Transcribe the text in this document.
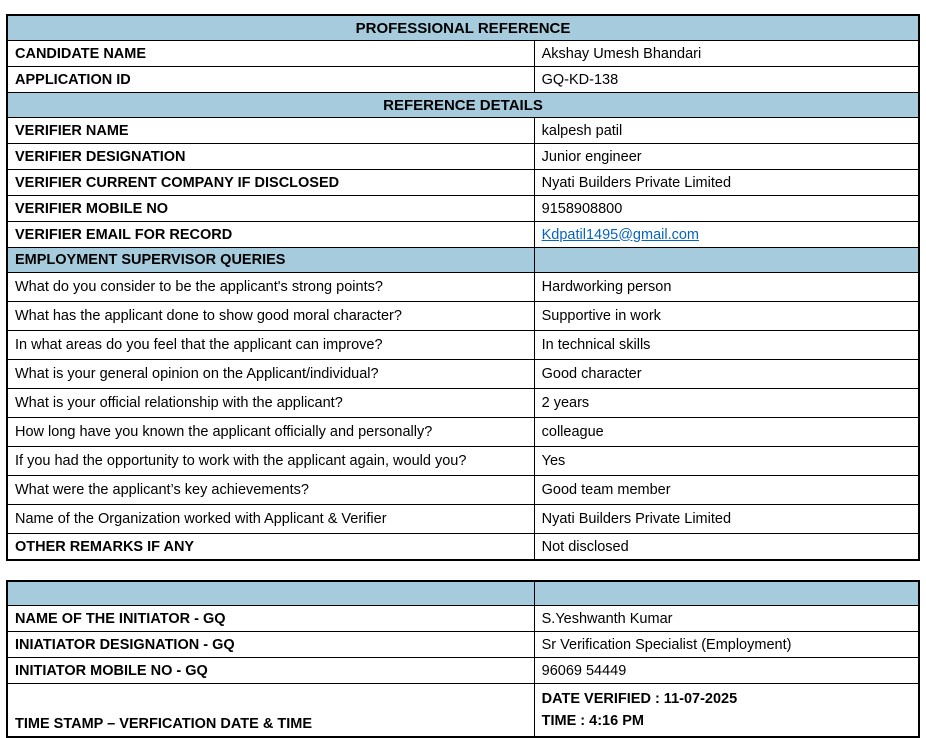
PROFESSIONAL REFERENCE	
CANDIDATE NAME	Akshay Umesh Bhandari
APPLICATION ID	GQ-KD-138
REFERENCE DETAILS	
VERIFIER NAME	kalpesh patil
VERIFIER DESIGNATION	Junior engineer
VERIFIER CURRENT COMPANY IF DISCLOSED	Nyati Builders Private Limited
VERIFIER MOBILE NO	9158908800
VERIFIER EMAIL FOR RECORD	Kdpatil1495@gmail.com
EMPLOYMENT SUPERVISOR QUERIES	
What do you consider to be the applicant's strong points?	Hardworking person
What has the applicant done to show good moral character?	Supportive in work
In what areas do you feel that the applicant can improve?	In technical skills
What is your general opinion on the Applicant/individual?	Good character
What is your official relationship with the applicant?	2 years
How long have you known the applicant officially and personally?	colleague
If you had the opportunity to work with the applicant again, would you?	Yes
What were the applicant’s key achievements?	Good team member
Name of the Organization worked with Applicant & Verifier	Nyati Builders Private Limited
OTHER REMARKS IF ANY	Not disclosed

NAME OF THE INITIATOR - GQ	S.Yeshwanth Kumar
INIATIATOR DESIGNATION - GQ	Sr Verification Specialist (Employment)
INITIATOR MOBILE NO - GQ	96069 54449
TIME STAMP – VERFICATION DATE & TIME	DATE VERIFIED : 11-07-2025
TIME : 4:16 PM
